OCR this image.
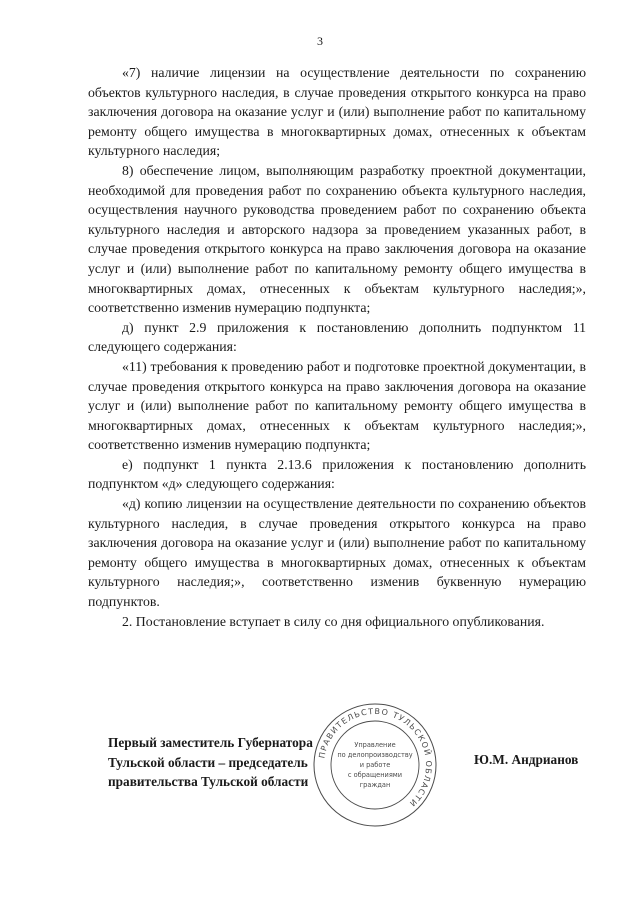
3

«7) наличие лицензии на осуществление деятельности по сохранению объектов культурного наследия, в случае проведения открытого конкурса на право заключения договора на оказание услуг и (или) выполнение работ по капитальному ремонту общего имущества в многоквартирных домах, отнесенных к объектам культурного наследия;

8) обеспечение лицом, выполняющим разработку проектной документации, необходимой для проведения работ по сохранению объекта культурного наследия, осуществления научного руководства проведением работ по сохранению объекта культурного наследия и авторского надзора за проведением указанных работ, в случае проведения открытого конкурса на право заключения договора на оказание услуг и (или) выполнение работ по капитальному ремонту общего имущества в многоквартирных домах, отнесенных к объектам культурного наследия;», соответственно изменив нумерацию подпункта;

д) пункт 2.9 приложения к постановлению дополнить подпунктом 11 следующего содержания:

«11) требования к проведению работ и подготовке проектной документации, в случае проведения открытого конкурса на право заключения договора на оказание услуг и (или) выполнение работ по капитальному ремонту общего имущества в многоквартирных домах, отнесенных к объектам культурного наследия;», соответственно изменив нумерацию подпункта;

е) подпункт 1 пункта 2.13.6 приложения к постановлению дополнить подпунктом «д» следующего содержания:

«д) копию лицензии на осуществление деятельности по сохранению объектов культурного наследия, в случае проведения открытого конкурса на право заключения договора на оказание услуг и (или) выполнение работ по капитальному ремонту общего имущества в многоквартирных домах, отнесенных к объектам культурного наследия;», соответственно изменив буквенную нумерацию подпунктов.

2. Постановление вступает в силу со дня официального опубликования.

Первый заместитель Губернатора
Тульской области – председатель
правительства Тульской области
Ю.М. Андрианов
ПРАВИТЕЛЬСТВО ТУЛЬСКОЙ ОБЛАСТИ
Управление
по делопроизводству
и работе
с обращениями
граждан
